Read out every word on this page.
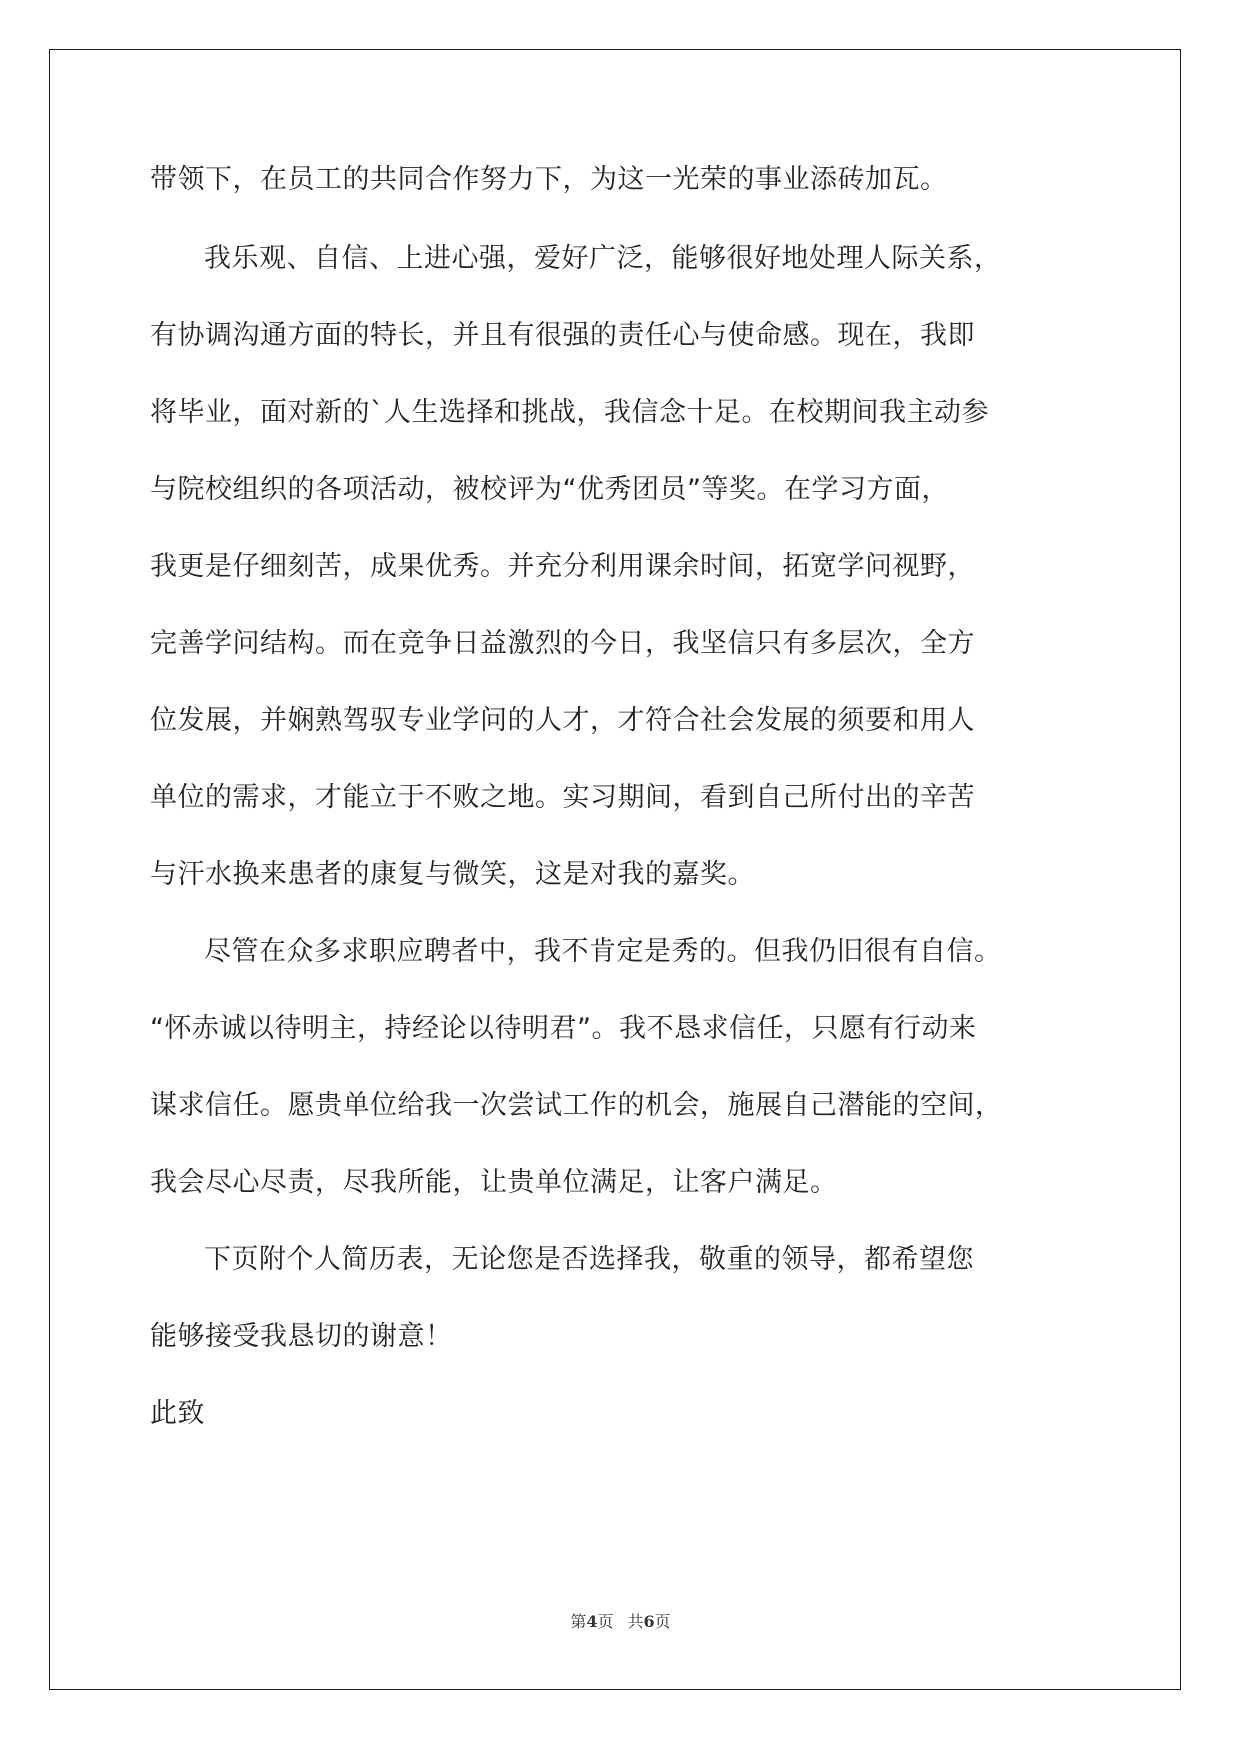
带领下，在员工的共同合作努力下，为这一光荣的事业添砖加瓦。
我乐观、自信、上进心强，爱好广泛，能够很好地处理人际关系，
有协调沟通方面的特长，并且有很强的责任心与使命感。现在，我即
将毕业，面对新的`人生选择和挑战，我信念十足。在校期间我主动参
与院校组织的各项活动，被校评为“优秀团员”等奖。在学习方面，
我更是仔细刻苦，成果优秀。并充分利用课余时间，拓宽学问视野，
完善学问结构。而在竞争日益激烈的今日，我坚信只有多层次，全方
位发展，并娴熟驾驭专业学问的人才，才符合社会发展的须要和用人
单位的需求，才能立于不败之地。实习期间，看到自己所付出的辛苦
与汗水换来患者的康复与微笑，这是对我的嘉奖。
尽管在众多求职应聘者中，我不肯定是秀的。但我仍旧很有自信。
“怀赤诚以待明主，持经论以待明君”。我不恳求信任，只愿有行动来
谋求信任。愿贵单位给我一次尝试工作的机会，施展自己潜能的空间，
我会尽心尽责，尽我所能，让贵单位满足，让客户满足。
下页附个人简历表，无论您是否选择我，敬重的领导，都希望您
能够接受我恳切的谢意！
此致
第4页 共6页
